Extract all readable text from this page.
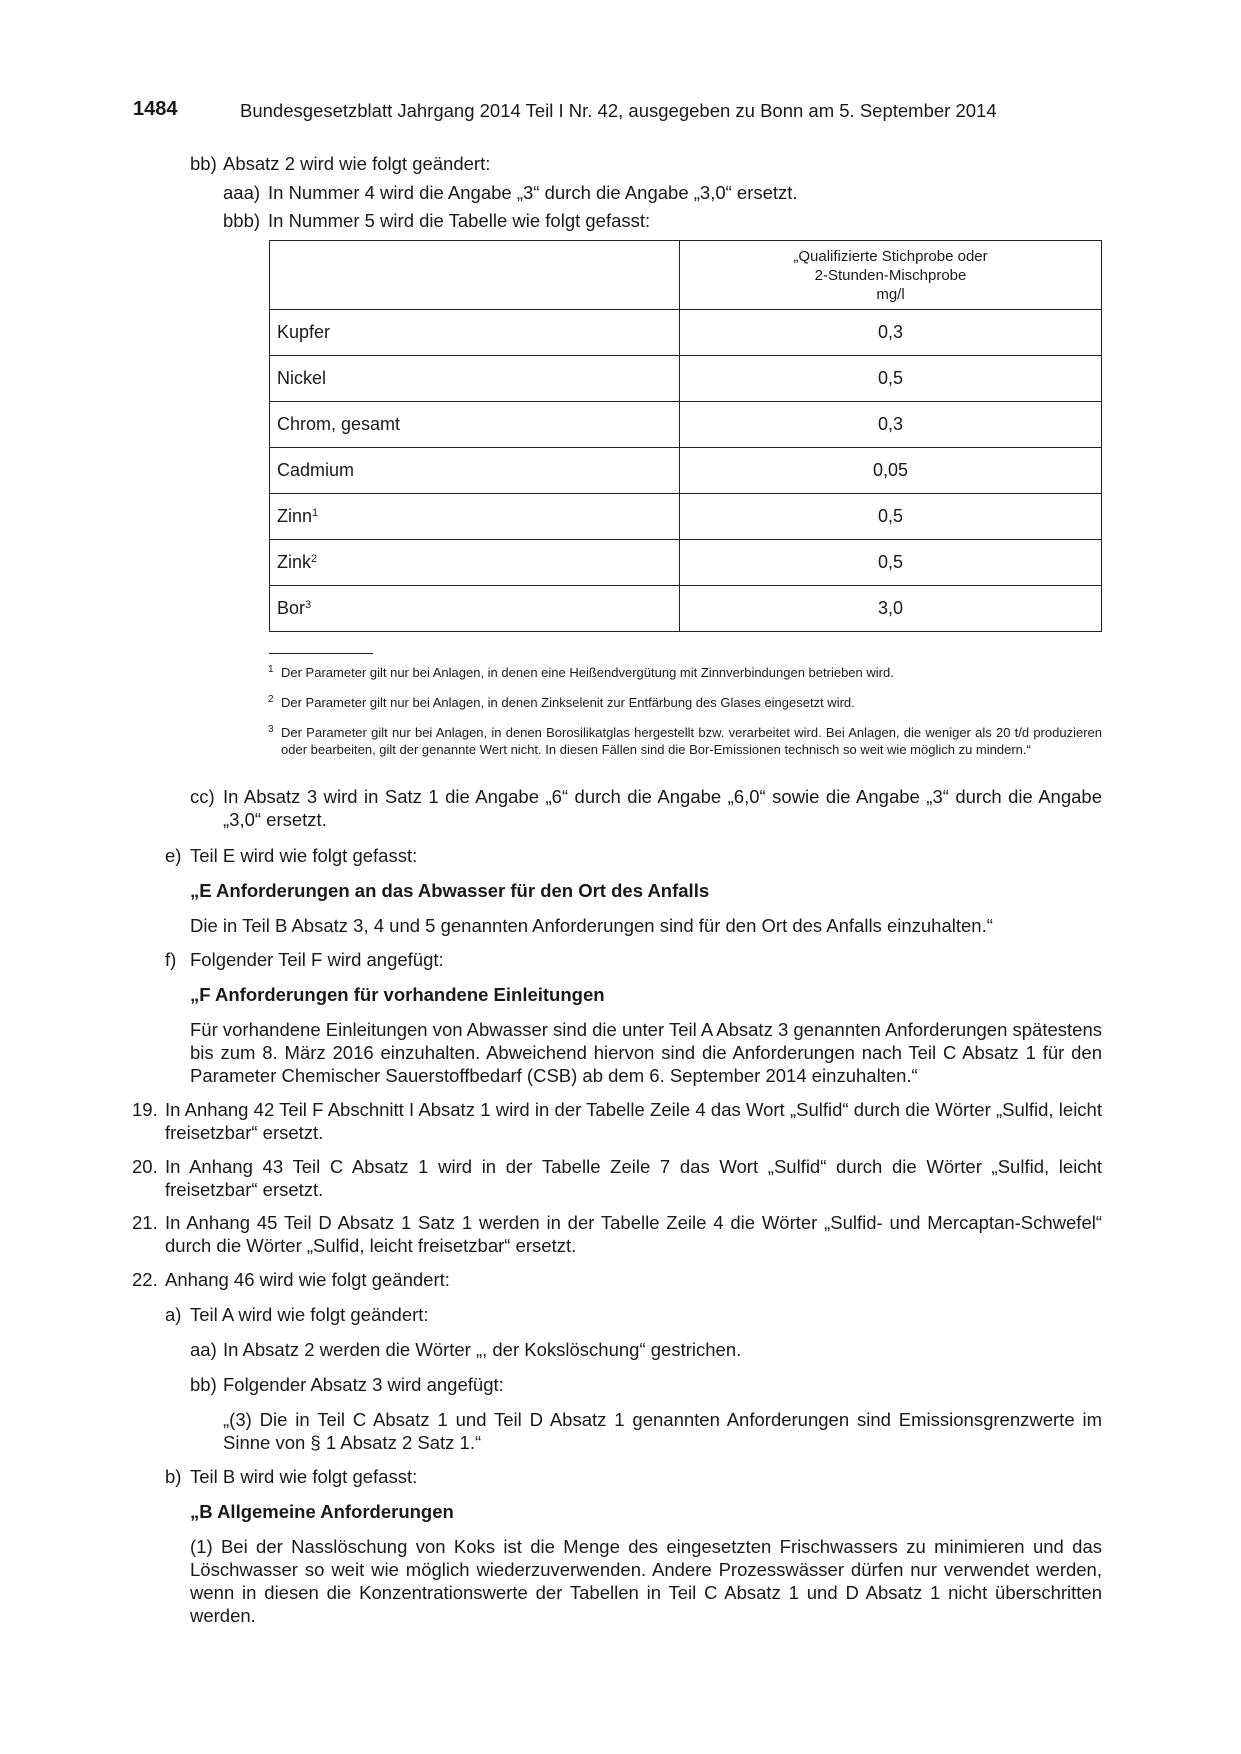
1484	Bundesgesetzblatt Jahrgang 2014 Teil I Nr. 42, ausgegeben zu Bonn am 5. September 2014
bb) Absatz 2 wird wie folgt geändert:
aaa) In Nummer 4 wird die Angabe „3“ durch die Angabe „3,0“ ersetzt.
bbb) In Nummer 5 wird die Tabelle wie folgt gefasst:

	„Qualifizierte Stichprobe oder
2-Stunden-Mischprobe
mg/l

Kupfer	0,3
Nickel	0,5
Chrom, gesamt	0,3
Cadmium	0,05
Zinn$^1$	0,5
Zink$^2$	0,5
Bor$^3$	3,0
1 Der Parameter gilt nur bei Anlagen, in denen eine Heißendvergütung mit Zinnverbindungen betrieben wird.
2 Der Parameter gilt nur bei Anlagen, in denen Zinkselenit zur Entfärbung des Glases eingesetzt wird.
3 Der Parameter gilt nur bei Anlagen, in denen Borosilikatglas hergestellt bzw. verarbeitet wird. Bei Anlagen, die weniger als 20 t/d produzieren oder bearbeiten, gilt der genannte Wert nicht. In diesen Fällen sind die Bor-Emissionen technisch so weit wie möglich zu mindern.“
cc) In Absatz 3 wird in Satz 1 die Angabe „6“ durch die Angabe „6,0“ sowie die Angabe „3“ durch die Angabe „3,0“ ersetzt.
e) Teil E wird wie folgt gefasst:
„E Anforderungen an das Abwasser für den Ort des Anfalls
Die in Teil B Absatz 3, 4 und 5 genannten Anforderungen sind für den Ort des Anfalls einzuhalten.“
f) Folgender Teil F wird angefügt:
„F Anforderungen für vorhandene Einleitungen
Für vorhandene Einleitungen von Abwasser sind die unter Teil A Absatz 3 genannten Anforderungen spätestens bis zum 8. März 2016 einzuhalten. Abweichend hiervon sind die Anforderungen nach Teil C Absatz 1 für den Parameter Chemischer Sauerstoffbedarf (CSB) ab dem 6. September 2014 einzuhalten.“
19. In Anhang 42 Teil F Abschnitt I Absatz 1 wird in der Tabelle Zeile 4 das Wort „Sulfid“ durch die Wörter „Sulfid, leicht freisetzbar“ ersetzt.
20. In Anhang 43 Teil C Absatz 1 wird in der Tabelle Zeile 7 das Wort „Sulfid“ durch die Wörter „Sulfid, leicht freisetzbar“ ersetzt.
21. In Anhang 45 Teil D Absatz 1 Satz 1 werden in der Tabelle Zeile 4 die Wörter „Sulfid- und Mercaptan-Schwefel“ durch die Wörter „Sulfid, leicht freisetzbar“ ersetzt.
22. Anhang 46 wird wie folgt geändert:
a) Teil A wird wie folgt geändert:
aa) In Absatz 2 werden die Wörter „, der Kokslöschung“ gestrichen.
bb) Folgender Absatz 3 wird angefügt:
„(3) Die in Teil C Absatz 1 und Teil D Absatz 1 genannten Anforderungen sind Emissionsgrenzwerte im Sinne von § 1 Absatz 2 Satz 1.“
b) Teil B wird wie folgt gefasst:
„B Allgemeine Anforderungen
(1) Bei der Nasslöschung von Koks ist die Menge des eingesetzten Frischwassers zu minimieren und das Löschwasser so weit wie möglich wiederzuverwenden. Andere Prozesswässer dürfen nur verwendet werden, wenn in diesen die Konzentrationswerte der Tabellen in Teil C Absatz 1 und D Absatz 1 nicht überschritten werden.
